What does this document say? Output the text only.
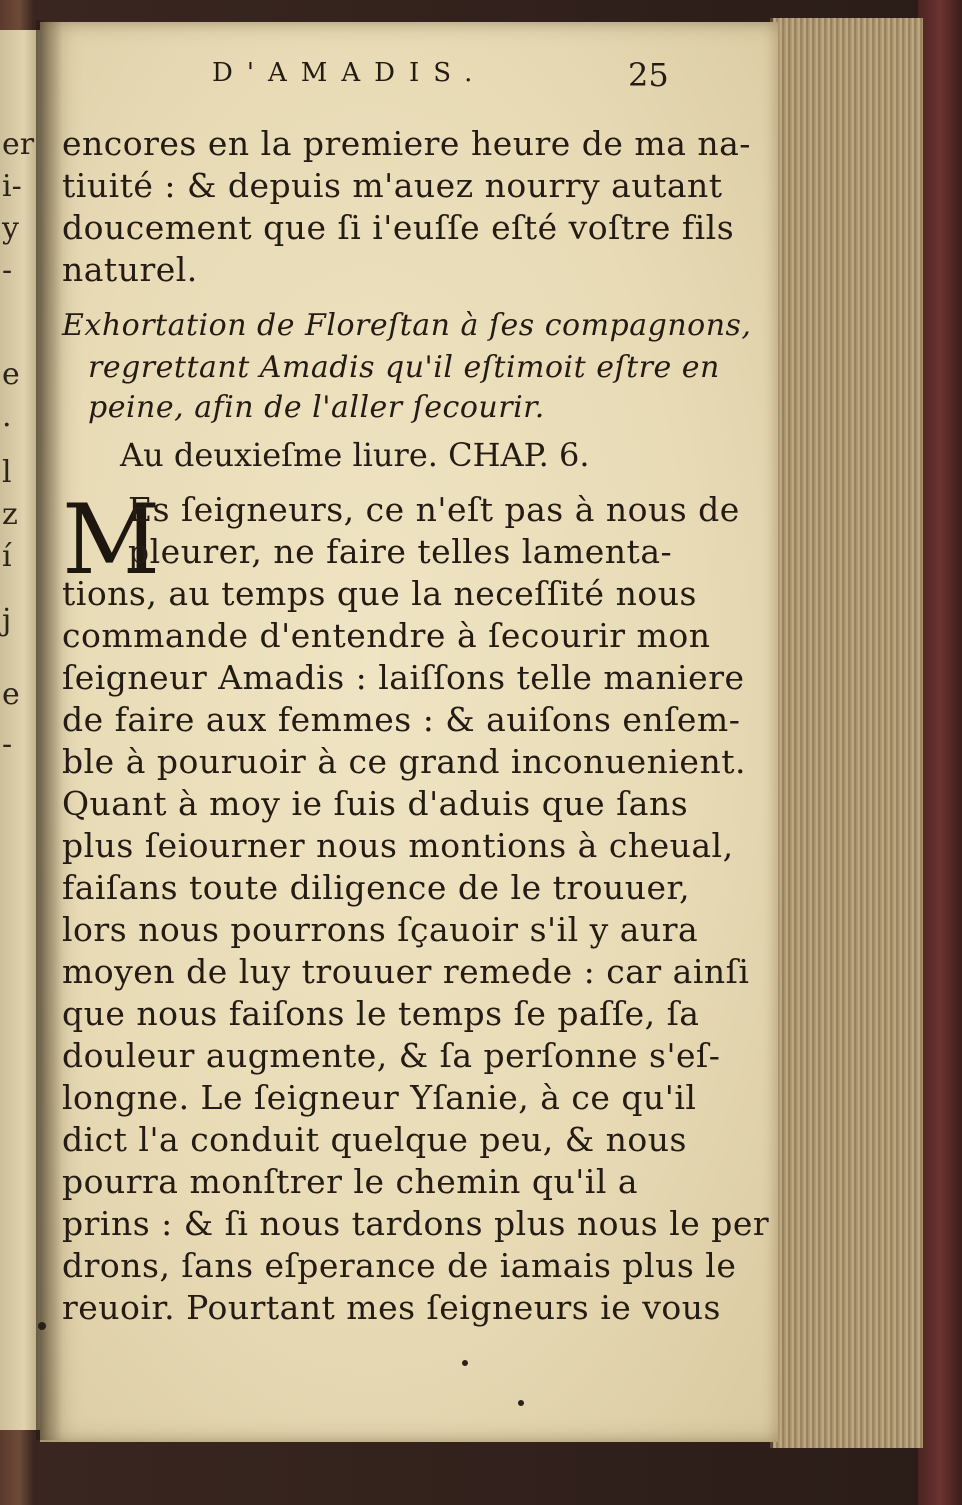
er
i-
y
-
e
.
l
z
í
j
e
-
D'AMADIS.	25
encores en la premiere heure de ma na-
tiuité : & depuis m'auez nourry autant
doucement que ſi i'euſſe eſté voſtre fils
naturel.
Exhortation de Floreſtan à ſes compagnons,
regrettant Amadis qu'il eſtimoit eſtre en
peine, afin de l'aller ſecourir.
Au deuxieſme liure. CHAP. 6.
M
Es ſeigneurs, ce n'eſt pas à nous de
pleurer, ne faire telles lamenta-
tions, au temps que la neceſſité nous
commande d'entendre à ſecourir mon
ſeigneur Amadis : laiſſons telle maniere
de faire aux femmes : & auiſons enſem-
ble à pouruoir à ce grand inconuenient.
Quant à moy ie ſuis d'aduis que ſans
plus ſeiourner nous montions à cheual,
faiſans toute diligence de le trouuer,
lors nous pourrons ſçauoir s'il y aura
moyen de luy trouuer remede : car ainſi
que nous faiſons le temps ſe paſſe, ſa
douleur augmente, & ſa perſonne s'eſ-
longne. Le ſeigneur Yſanie, à ce qu'il
dict l'a conduit quelque peu, & nous
pourra monſtrer le chemin qu'il a
prins : & ſi nous tardons plus nous le per
drons, ſans eſperance de iamais plus le
reuoir. Pourtant mes ſeigneurs ie vous
